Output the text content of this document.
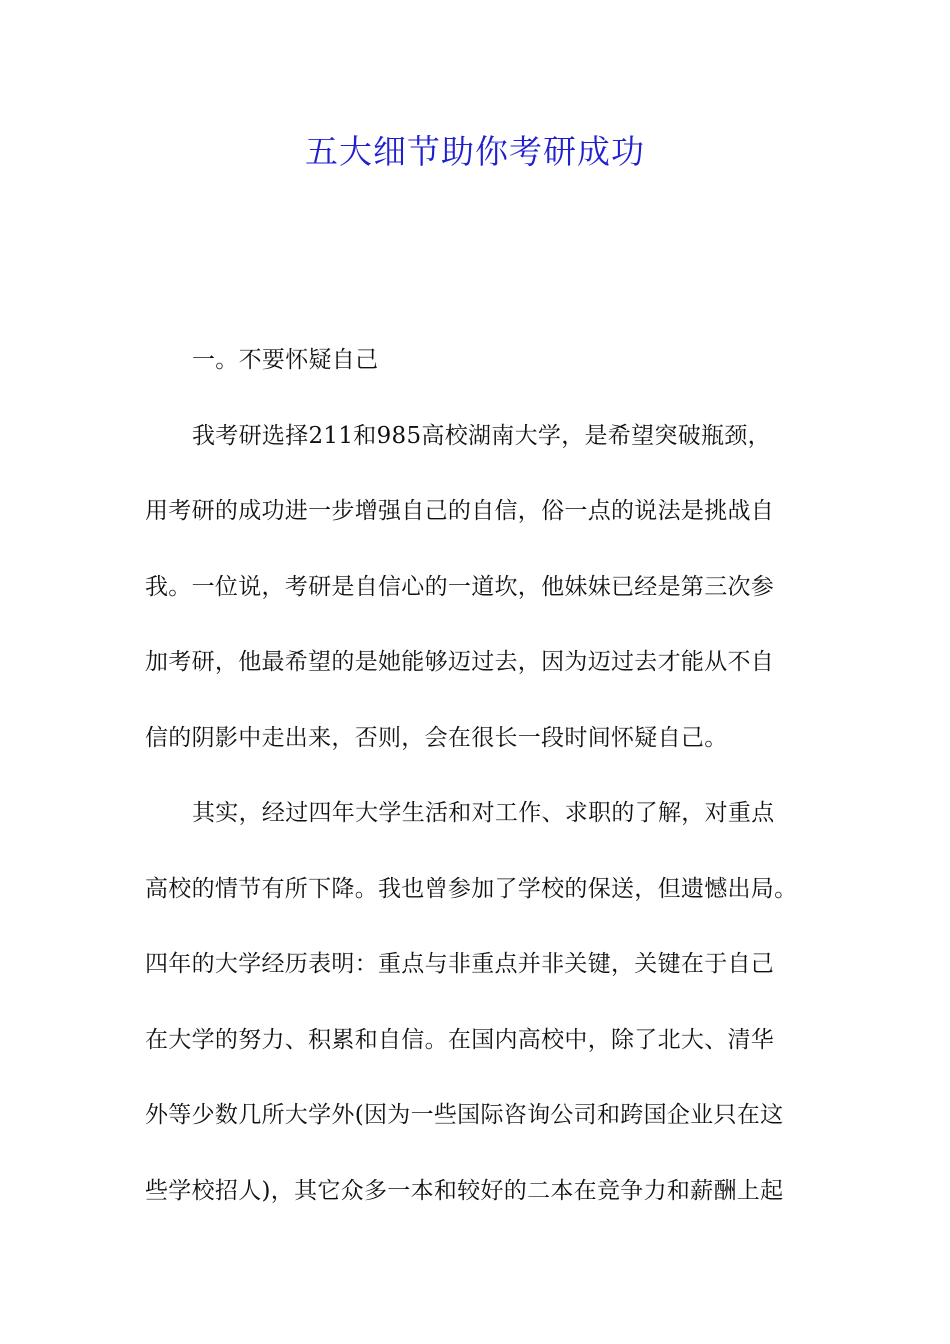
五大细节助你考研成功
一。不要怀疑自己
我考研选择211和985高校湖南大学，是希望突破瓶颈，
用考研的成功进一步增强自己的自信，俗一点的说法是挑战自
我。一位说，考研是自信心的一道坎，他妹妹已经是第三次参
加考研，他最希望的是她能够迈过去，因为迈过去才能从不自
信的阴影中走出来，否则，会在很长一段时间怀疑自己。
其实，经过四年大学生活和对工作、求职的了解，对重点
高校的情节有所下降。我也曾参加了学校的保送，但遗憾出局。
四年的大学经历表明：重点与非重点并非关键，关键在于自己
在大学的努力、积累和自信。在国内高校中，除了北大、清华
外等少数几所大学外(因为一些国际咨询公司和跨国企业只在这
些学校招人)，其它众多一本和较好的二本在竞争力和薪酬上起
